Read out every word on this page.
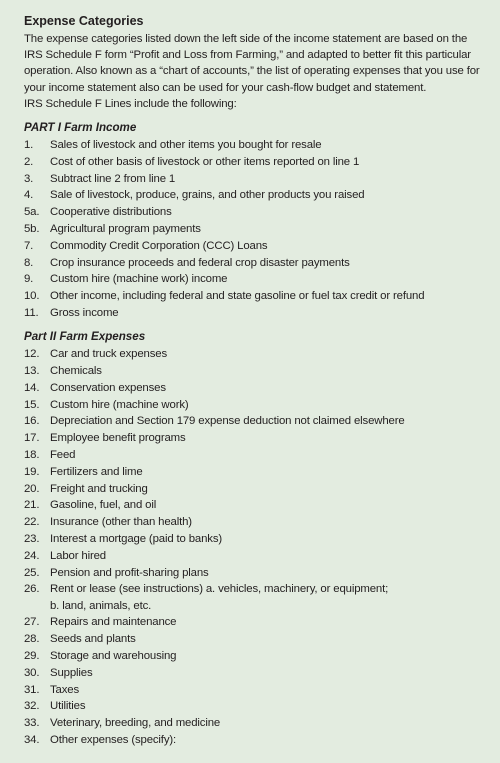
Expense Categories

The expense categories listed down the left side of the income statement are based on the IRS Schedule F form “Profit and Loss from Farming,” and adapted to better fit this particular operation. Also known as a “chart of accounts,” the list of operating expenses that you use for your income statement also can be used for your cash-flow budget and statement.

IRS Schedule F Lines include the following:

PART I Farm Income
1.	Sales of livestock and other items you bought for resale
2.	Cost of other basis of livestock or other items reported on line 1
3.	Subtract line 2 from line 1
4.	Sale of livestock, produce, grains, and other products you raised
5a. Cooperative distributions
5b. Agricultural program payments
7.	Commodity Credit Corporation (CCC) Loans
8.	Crop insurance proceeds and federal crop disaster payments
9.	Custom hire (machine work) income
10. Other income, including federal and state gasoline or fuel tax credit or refund
11.	Gross income
Part II Farm Expenses
12. Car and truck expenses
13. Chemicals
14. Conservation expenses
15. Custom hire (machine work)
16. Depreciation and Section 179 expense deduction not claimed elsewhere
17. Employee benefit programs
18. Feed
19. Fertilizers and lime
20. Freight and trucking
21. Gasoline, fuel, and oil
22. Insurance (other than health)
23. Interest a mortgage (paid to banks)
24. Labor hired
25. Pension and profit-sharing plans
26. Rent or lease (see instructions) a. vehicles, machinery, or equipment;
b. land, animals, etc.
27. Repairs and maintenance
28. Seeds and plants
29. Storage and warehousing
30. Supplies
31. Taxes
32. Utilities
33. Veterinary, breeding, and medicine
34. Other expenses (specify):
